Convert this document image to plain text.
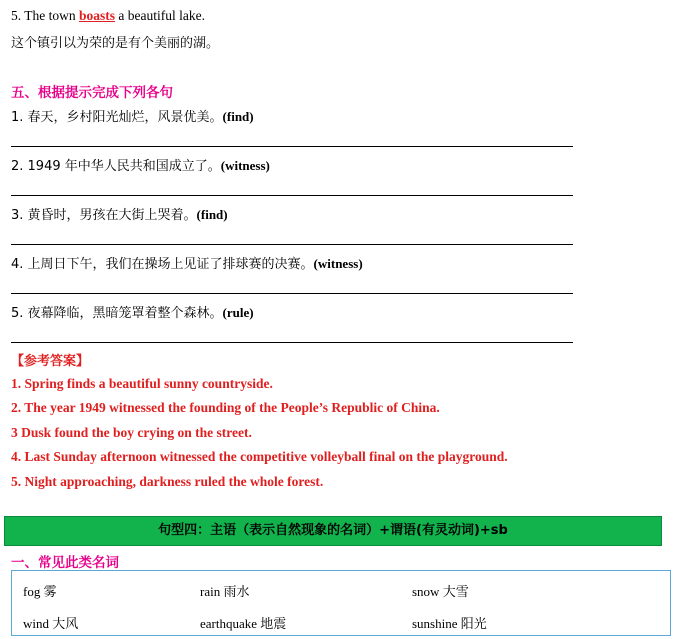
5. The town boasts a beautiful lake.
这个镇引以为荣的是有个美丽的湖。
五、根据提示完成下列各句
1. 春天，乡村阳光灿烂，风景优美。(find)
2. 1949 年中华人民共和国成立了。(witness)
3. 黄昏时，男孩在大街上哭着。(find)
4. 上周日下午，我们在操场上见证了排球赛的决赛。(witness)
5. 夜幕降临，黑暗笼罩着整个森林。(rule)
【参考答案】
1. Spring finds a beautiful sunny countryside.
2. The year 1949 witnessed the founding of the People’s Republic of China.
3 Dusk found the boy crying on the street.
4. Last Sunday afternoon witnessed the competitive volleyball final on the playground.
5. Night approaching, darkness ruled the whole forest.
句型四：主语（表示自然现象的名词）+谓语(有灵动词)+sb
一、常见此类名词
fog 雾	rain 雨水	snow 大雪
wind 大风	earthquake 地震	sunshine 阳光
